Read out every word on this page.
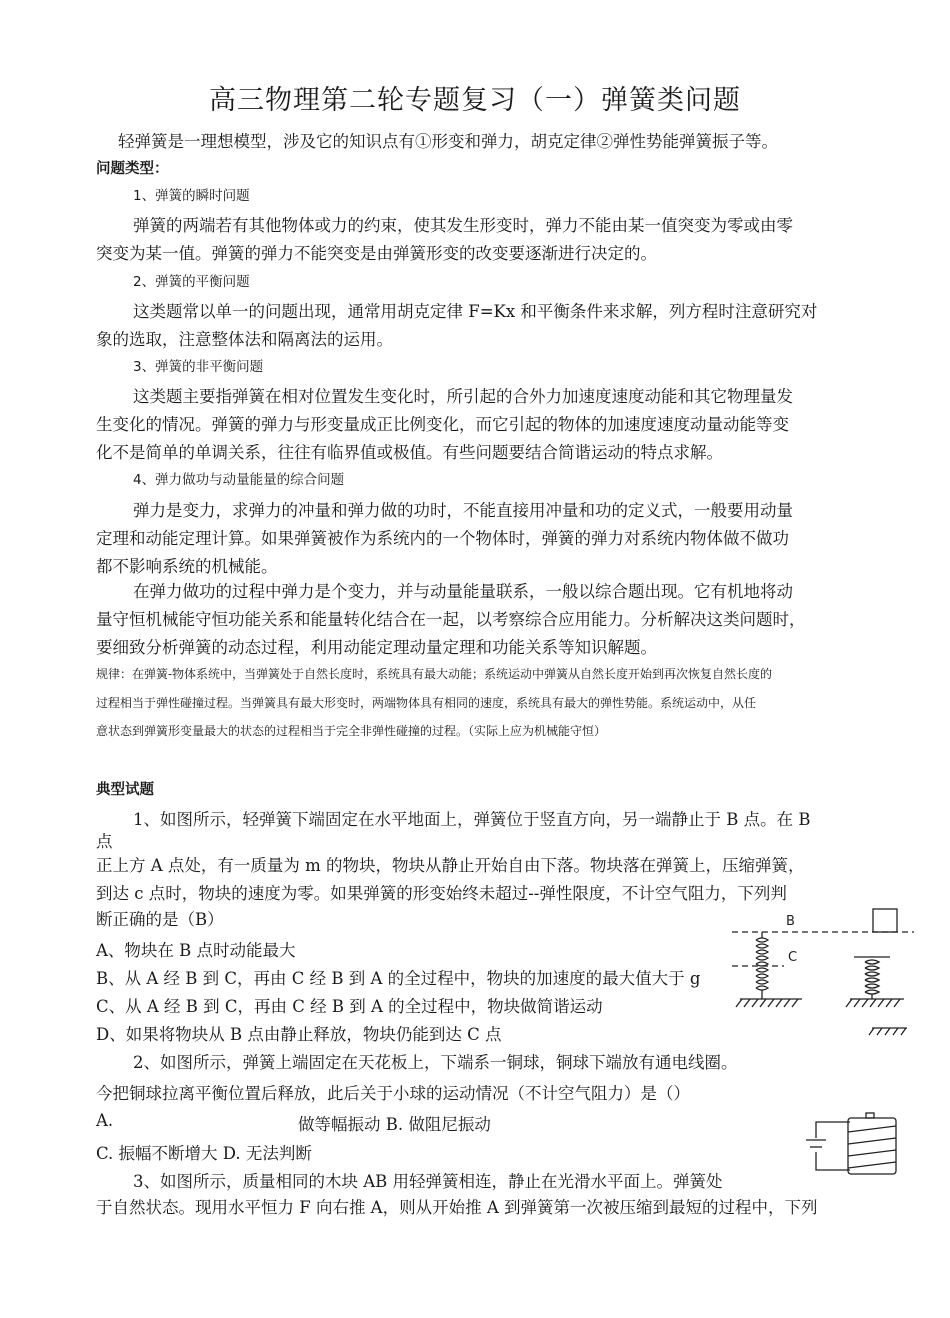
高三物理第二轮专题复习（一）弹簧类问题
轻弹簧是一理想模型，涉及它的知识点有①形变和弹力，胡克定律②弹性势能弹簧振子等。
问题类型：
1、弹簧的瞬时问题
弹簧的两端若有其他物体或力的约束，使其发生形变时，弹力不能由某一值突变为零或由零
突变为某一值。弹簧的弹力不能突变是由弹簧形变的改变要逐渐进行决定的。
2、弹簧的平衡问题
这类题常以单一的问题出现，通常用胡克定律 F=Kx 和平衡条件来求解，列方程时注意研究对
象的选取，注意整体法和隔离法的运用。
3、弹簧的非平衡问题
这类题主要指弹簧在相对位置发生变化时，所引起的合外力加速度速度动能和其它物理量发
生变化的情况。弹簧的弹力与形变量成正比例变化，而它引起的物体的加速度速度动量动能等变
化不是简单的单调关系，往往有临界值或极值。有些问题要结合简谐运动的特点求解。
4、弹力做功与动量能量的综合问题
弹力是变力，求弹力的冲量和弹力做的功时，不能直接用冲量和功的定义式，一般要用动量
定理和动能定理计算。如果弹簧被作为系统内的一个物体时，弹簧的弹力对系统内物体做不做功
都不影响系统的机械能。
在弹力做功的过程中弹力是个变力，并与动量能量联系，一般以综合题出现。它有机地将动
量守恒机械能守恒功能关系和能量转化结合在一起，以考察综合应用能力。分析解决这类问题时，
要细致分析弹簧的动态过程，利用动能定理动量定理和功能关系等知识解题。
规律：在弹簧-物体系统中，当弹簧处于自然长度时，系统具有最大动能；系统运动中弹簧从自然长度开始到再次恢复自然长度的
过程相当于弹性碰撞过程。当弹簧具有最大形变时，两端物体具有相同的速度，系统具有最大的弹性势能。系统运动中，从任
意状态到弹簧形变量最大的状态的过程相当于完全非弹性碰撞的过程。（实际上应为机械能守恒）
典型试题
1、如图所示，轻弹簧下端固定在水平地面上，弹簧位于竖直方向，另一端静止于 B 点。在 B
点
正上方 A 点处，有一质量为 m 的物块，物块从静止开始自由下落。物块落在弹簧上，压缩弹簧，
到达 c 点时，物块的速度为零。如果弹簧的形变始终未超过--弹性限度，不计空气阻力，下列判
断正确的是（B）
A、物块在 B 点时动能最大
B、从 A 经 B 到 C，再由 C 经 B 到 A 的全过程中，物块的加速度的最大值大于 g
C、从 A 经 B 到 C，再由 C 经 B 到 A 的全过程中，物块做简谐运动
D、如果将物块从 B 点由静止释放，物块仍能到达 C 点
B
C
2、如图所示，弹簧上端固定在天花板上，下端系一铜球，铜球下端放有通电线圈。
今把铜球拉离平衡位置后释放，此后关于小球的运动情况（不计空气阻力）是（）
A.	做等幅振动 B. 做阻尼振动
C. 振幅不断增大 D. 无法判断
3、如图所示，质量相同的木块 AB 用轻弹簧相连，静止在光滑水平面上。弹簧处
于自然状态。现用水平恒力 F 向右推 A，则从开始推 A 到弹簧第一次被压缩到最短的过程中，下列
